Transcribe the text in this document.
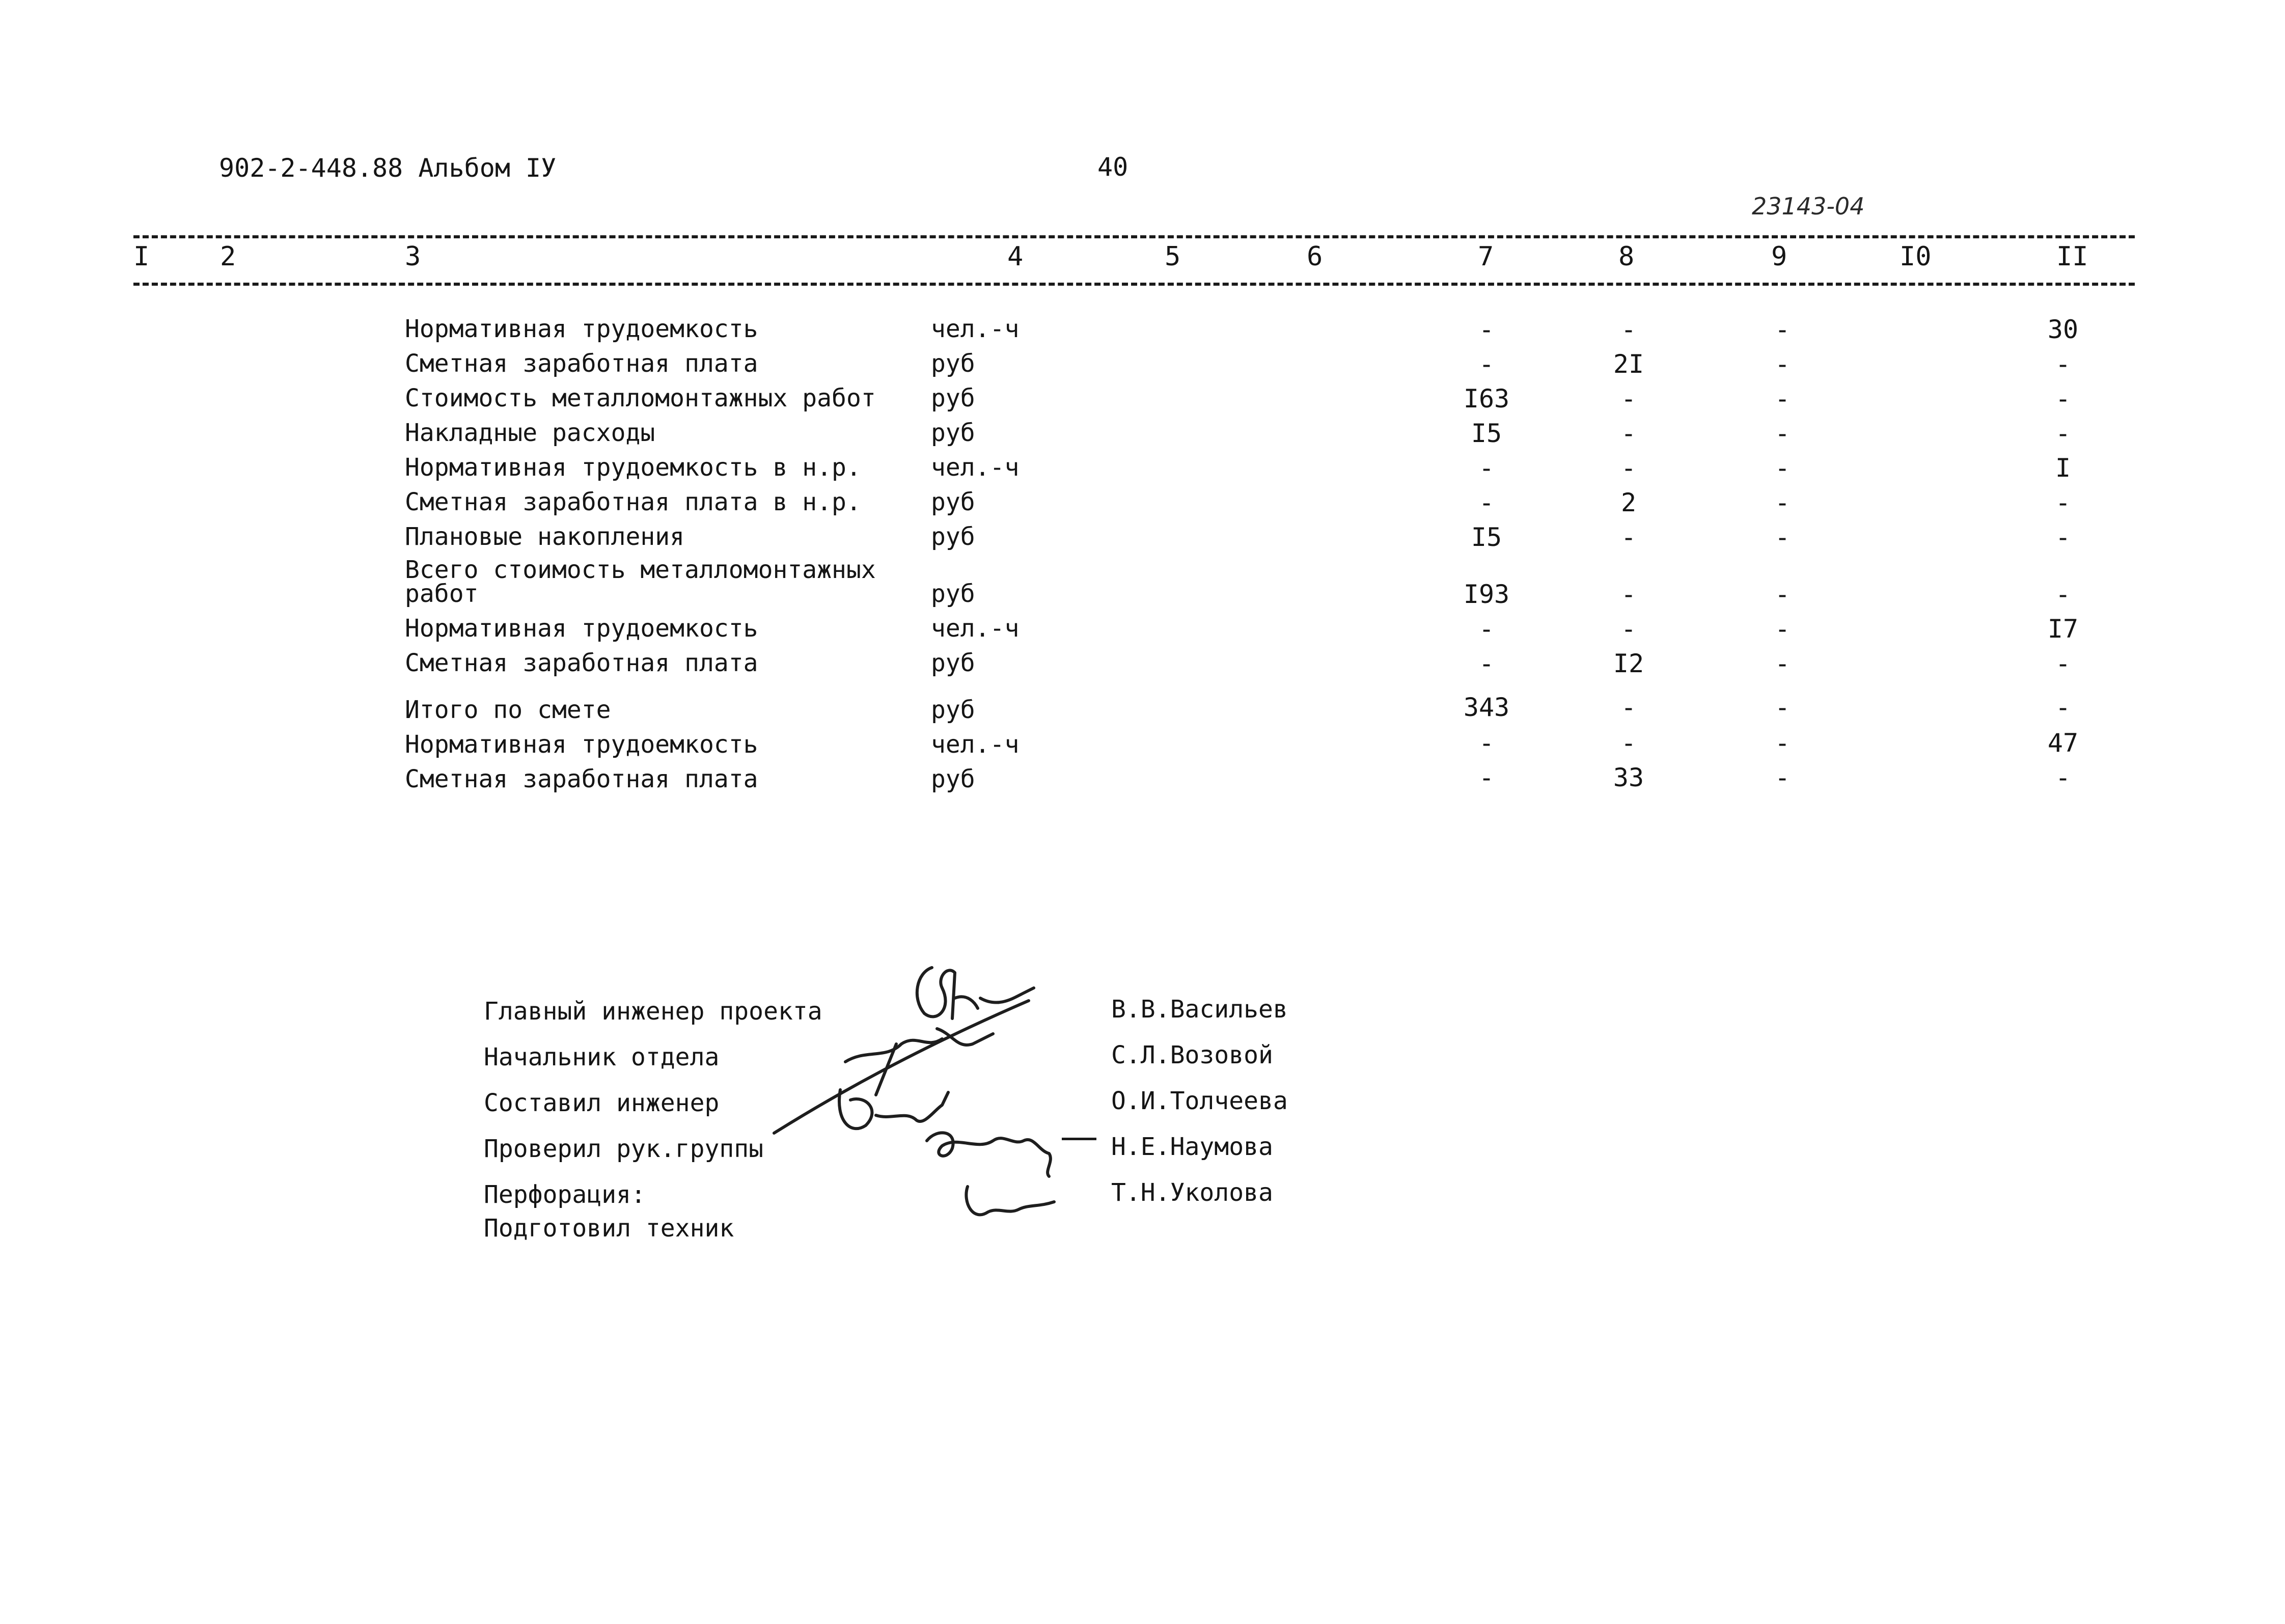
902-2-448.88 Альбом IУ	40
23143-04
I	2	3	4	5	6	7	8	9	I0	II
Нормативная трудоемкость	чел.-ч	-	-	-	30
Сметная заработная плата	руб	-	2I	-	-
Стоимость металломонтажных работ руб	I63	-	-	-
Накладные расходы	руб	I5	-	-	-
Нормативная трудоемкость в н.р.	чел.-ч	-	-	-	I
Сметная заработная плата в н.р.	руб	-	2	-	-
Плановые накопления	руб	I5	-	-	-
Всего стоимость металломонтажных
работ	руб	I93	-	-	-
Нормативная трудоемкость	чел.-ч	-	-	-	I7
Сметная заработная плата	руб	-	I2	-	-
Итого по смете	руб	343	-	-	-
Нормативная трудоемкость	чел.-ч	-	-	-	47
Сметная заработная плата	руб	-	33	-	-
Главный инженер проекта
Начальник отдела
Составил инженер
Проверил рук.группы
Перфорация:
Подготовил техник
В.В.Васильев
С.Л.Возовой
О.И.Толчеева
Н.Е.Наумова
Т.Н.Уколова
